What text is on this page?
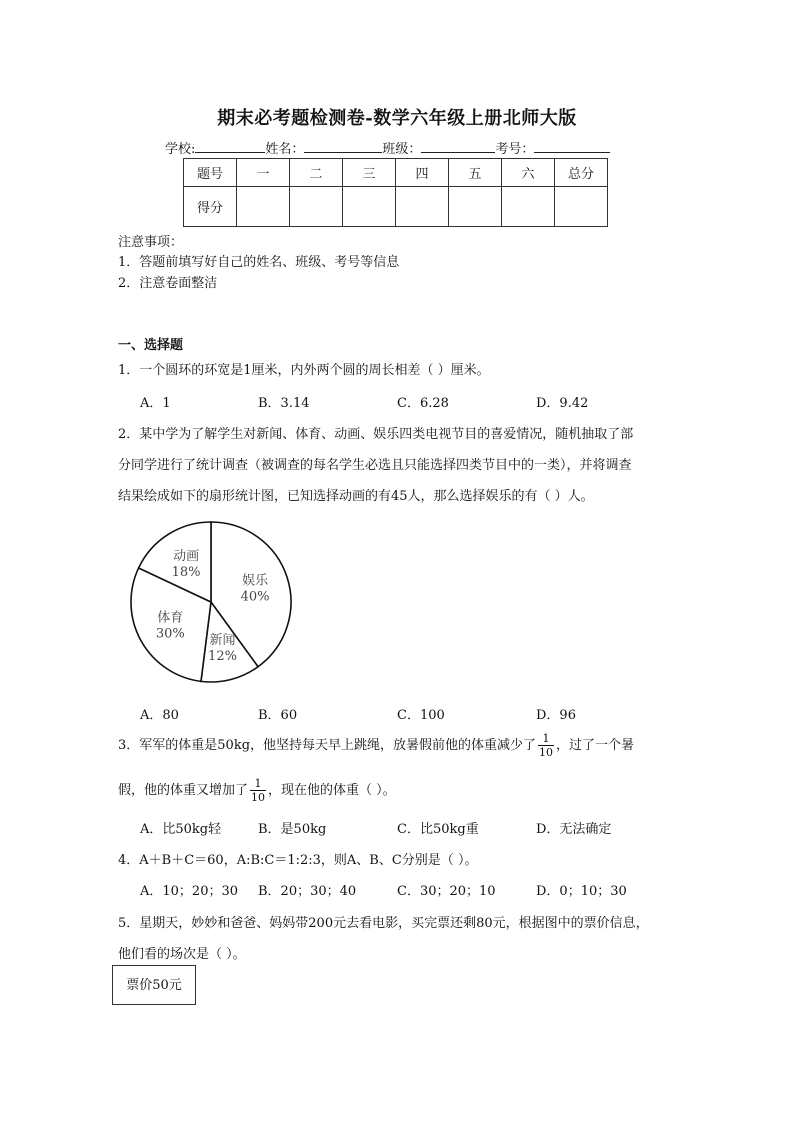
期末必考题检测卷-数学六年级上册北师大版
学校:	姓名：	班级：	考号：
题号	一	二	三	四	五	六	总分
得分							
注意事项：
1．答题前填写好自己的姓名、班级、考号等信息
2．注意卷面整洁
一、选择题
1．一个圆环的环宽是1厘米，内外两个圆的周长相差（ ）厘米。
A．1	B．3.14	C．6.28	D．9.42
2．某中学为了解学生对新闻、体育、动画、娱乐四类电视节目的喜爱情况，随机抽取了部
分同学进行了统计调查（被调查的每名学生必选且只能选择四类节目中的一类），并将调查
结果绘成如下的扇形统计图，已知选择动画的有45人，那么选择娱乐的有（ ）人。
娱乐
40%
新闻
12%
体育
30%
动画
18%
A．80	B．60	C．100	D．96
3．军军的体重是50kg，他坚持每天早上跳绳，放暑假前他的体重减少了 $\frac{1}{10}$ ，过了一个暑
假，他的体重又增加了 $\frac{1}{10}$ ，现在他的体重（ ）。
A．比50kg轻	B．是50kg	C．比50kg重	D．无法确定
4．A＋B＋C＝60，A:B:C＝1:2:3，则A、B、C分别是（ ）。
A．10；20；30 B．20；30；40	C．30；20；10	D．0；10；30
5．星期天，妙妙和爸爸、妈妈带200元去看电影，买完票还剩80元，根据图中的票价信息，
他们看的场次是（ ）。
票价50元
